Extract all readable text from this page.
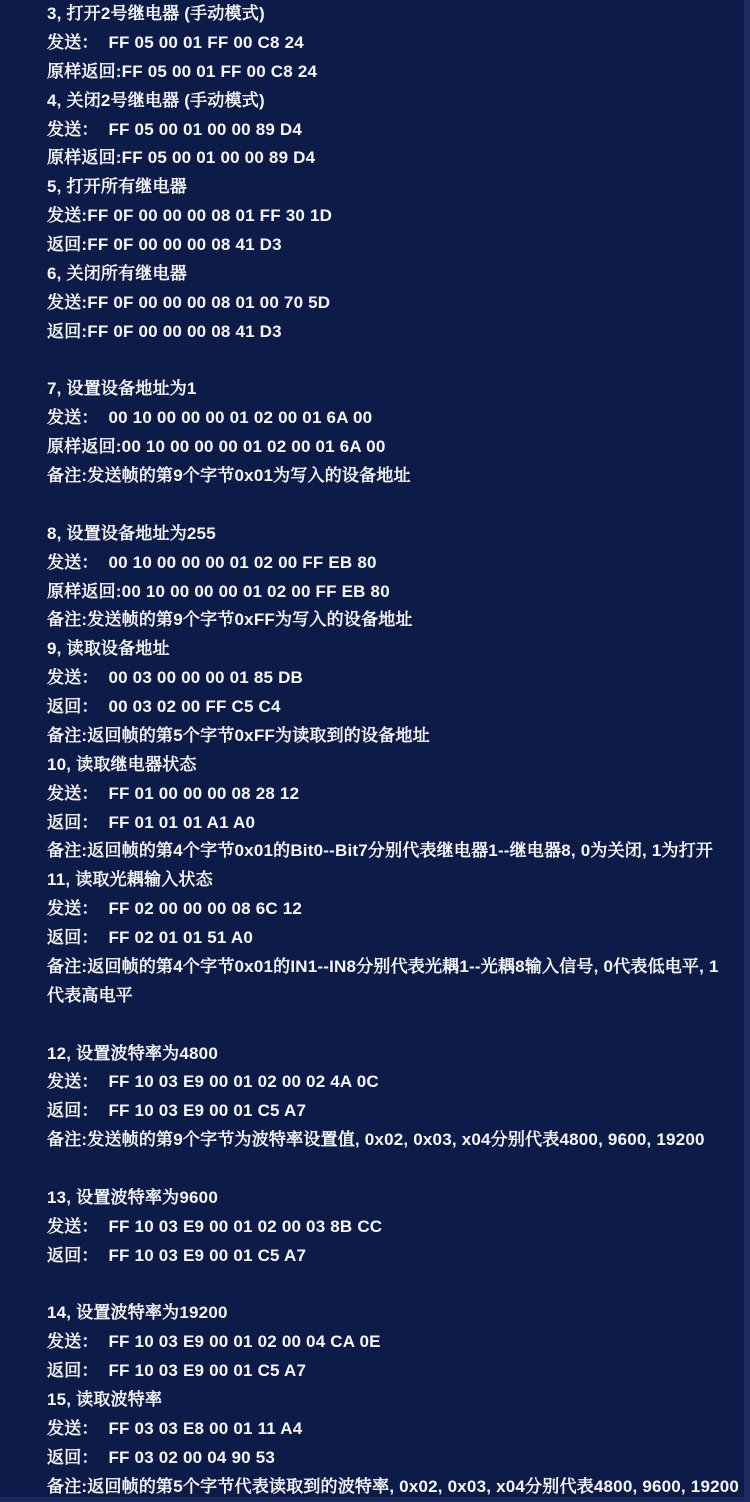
3, 打开2号继电器 (手动模式)
发送：  FF 05 00 01 FF 00 C8 24
原样返回:FF 05 00 01 FF 00 C8 24
4, 关闭2号继电器 (手动模式)
发送：  FF 05 00 01 00 00 89 D4
原样返回:FF 05 00 01 00 00 89 D4
5, 打开所有继电器
发送:FF 0F 00 00 00 08 01 FF 30 1D
返回:FF 0F 00 00 00 08 41 D3
6, 关闭所有继电器
发送:FF 0F 00 00 00 08 01 00 70 5D
返回:FF 0F 00 00 00 08 41 D3

7, 设置设备地址为1
发送：  00 10 00 00 00 01 02 00 01 6A 00
原样返回:00 10 00 00 00 01 02 00 01 6A 00
备注:发送帧的第9个字节0x01为写入的设备地址

8, 设置设备地址为255
发送：  00 10 00 00 00 01 02 00 FF EB 80
原样返回:00 10 00 00 00 01 02 00 FF EB 80
备注:发送帧的第9个字节0xFF为写入的设备地址
9, 读取设备地址
发送：  00 03 00 00 00 01 85 DB
返回：  00 03 02 00 FF C5 C4
备注:返回帧的第5个字节0xFF为读取到的设备地址
10, 读取继电器状态
发送：  FF 01 00 00 00 08 28 12
返回：  FF 01 01 01 A1 A0
备注:返回帧的第4个字节0x01的Bit0--Bit7分别代表继电器1--继电器8, 0为关闭, 1为打开
11, 读取光耦输入状态
发送：  FF 02 00 00 00 08 6C 12
返回：  FF 02 01 01 51 A0
备注:返回帧的第4个字节0x01的IN1--IN8分别代表光耦1--光耦8输入信号, 0代表低电平, 1
代表高电平

12, 设置波特率为4800
发送：  FF 10 03 E9 00 01 02 00 02 4A 0C
返回：  FF 10 03 E9 00 01 C5 A7
备注:发送帧的第9个字节为波特率设置值, 0x02, 0x03, x04分别代表4800, 9600, 19200

13, 设置波特率为9600
发送：  FF 10 03 E9 00 01 02 00 03 8B CC
返回：  FF 10 03 E9 00 01 C5 A7

14, 设置波特率为19200
发送：  FF 10 03 E9 00 01 02 00 04 CA 0E
返回：  FF 10 03 E9 00 01 C5 A7
15, 读取波特率
发送：  FF 03 03 E8 00 01 11 A4
返回：  FF 03 02 00 04 90 53
备注:返回帧的第5个字节代表读取到的波特率, 0x02, 0x03, x04分别代表4800, 9600, 19200
